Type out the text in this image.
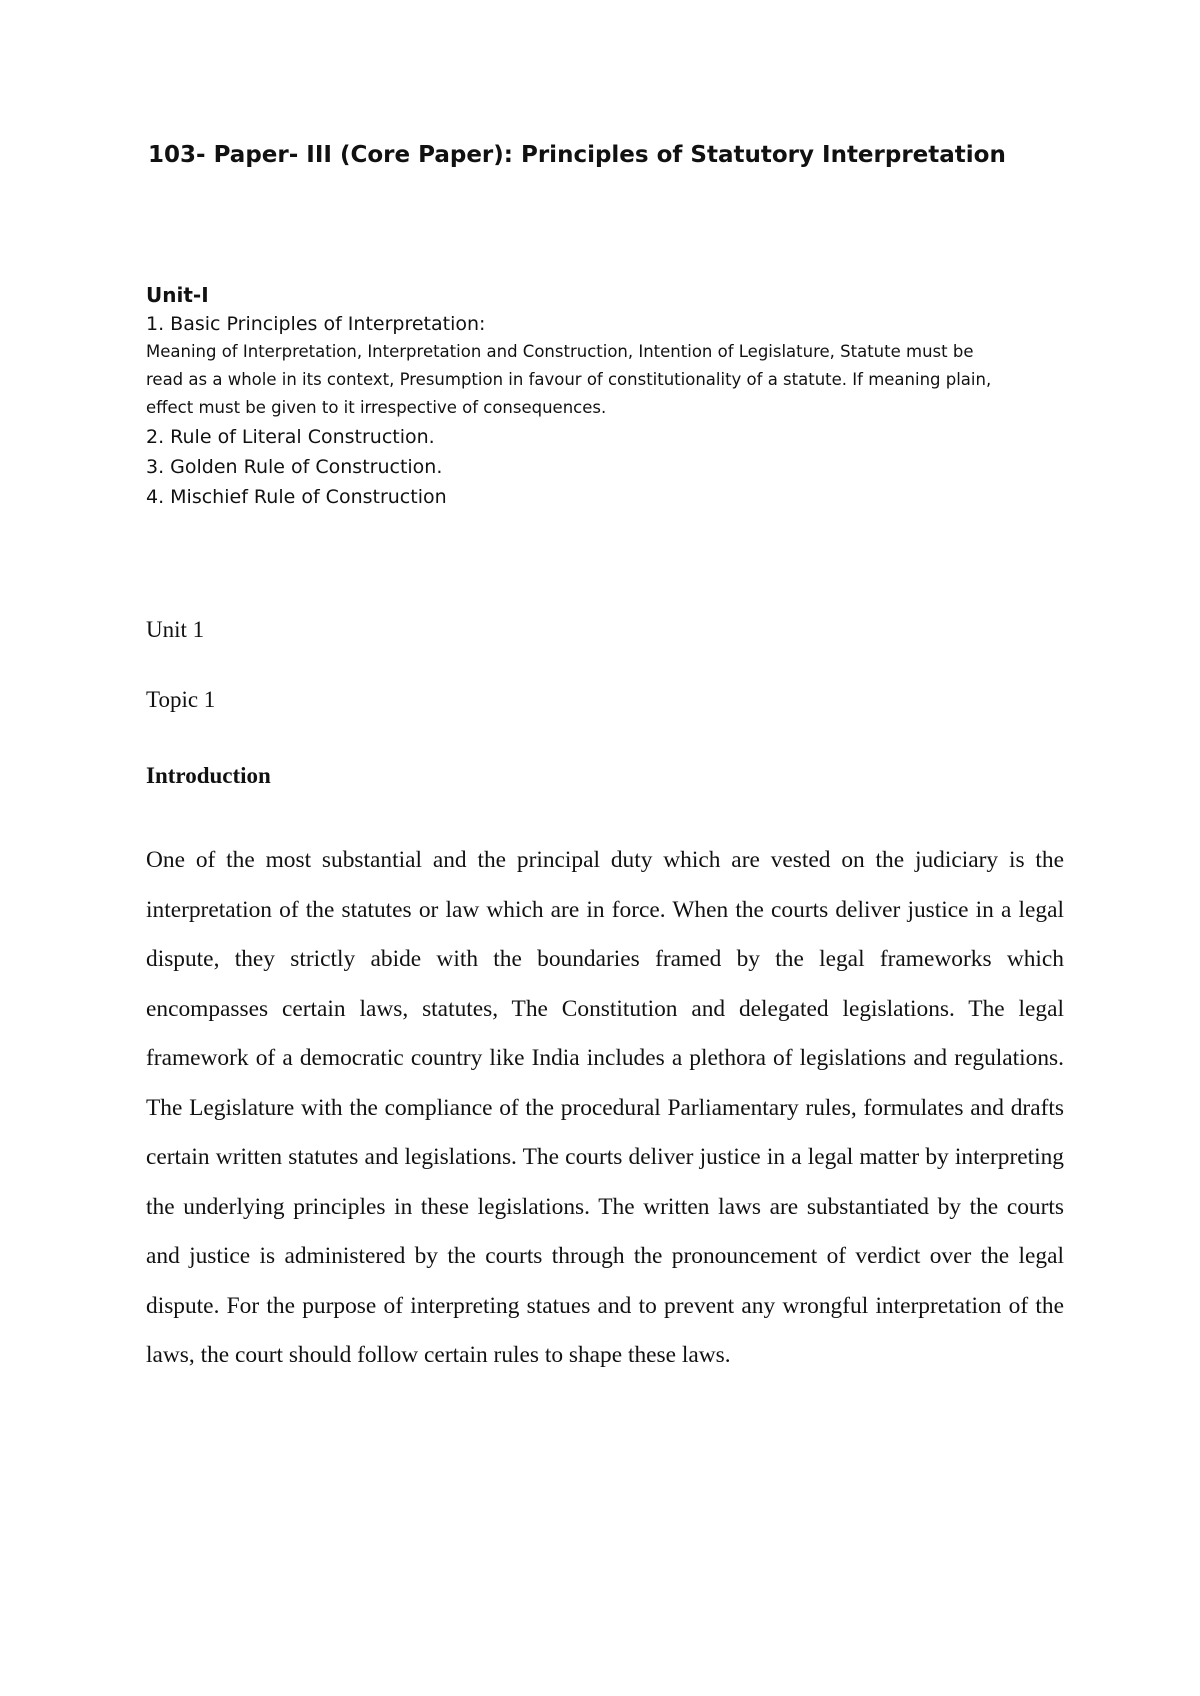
103- Paper- III (Core Paper): Principles of Statutory Interpretation

Unit-I

1. Basic Principles of Interpretation:

Meaning of Interpretation, Interpretation and Construction, Intention of Legislature, Statute must be read as a whole in its context, Presumption in favour of constitutionality of a statute. If meaning plain, effect must be given to it irrespective of consequences.

2. Rule of Literal Construction.

3. Golden Rule of Construction.

4. Mischief Rule of Construction

Unit 1

Topic 1

Introduction

One of the most substantial and the principal duty which are vested on the judiciary is the interpretation of the statutes or law which are in force. When the courts deliver justice in a legal dispute, they strictly abide with the boundaries framed by the legal frameworks which encompasses certain laws, statutes, The Constitution and delegated legislations. The legal framework of a democratic country like India includes a plethora of legislations and regulations. The Legislature with the compliance of the procedural Parliamentary rules, formulates and drafts certain written statutes and legislations. The courts deliver justice in a legal matter by interpreting the underlying principles in these legislations. The written laws are substantiated by the courts and justice is administered by the courts through the pronouncement of verdict over the legal dispute. For the purpose of interpreting statues and to prevent any wrongful interpretation of the laws, the court should follow certain rules to shape these laws.
